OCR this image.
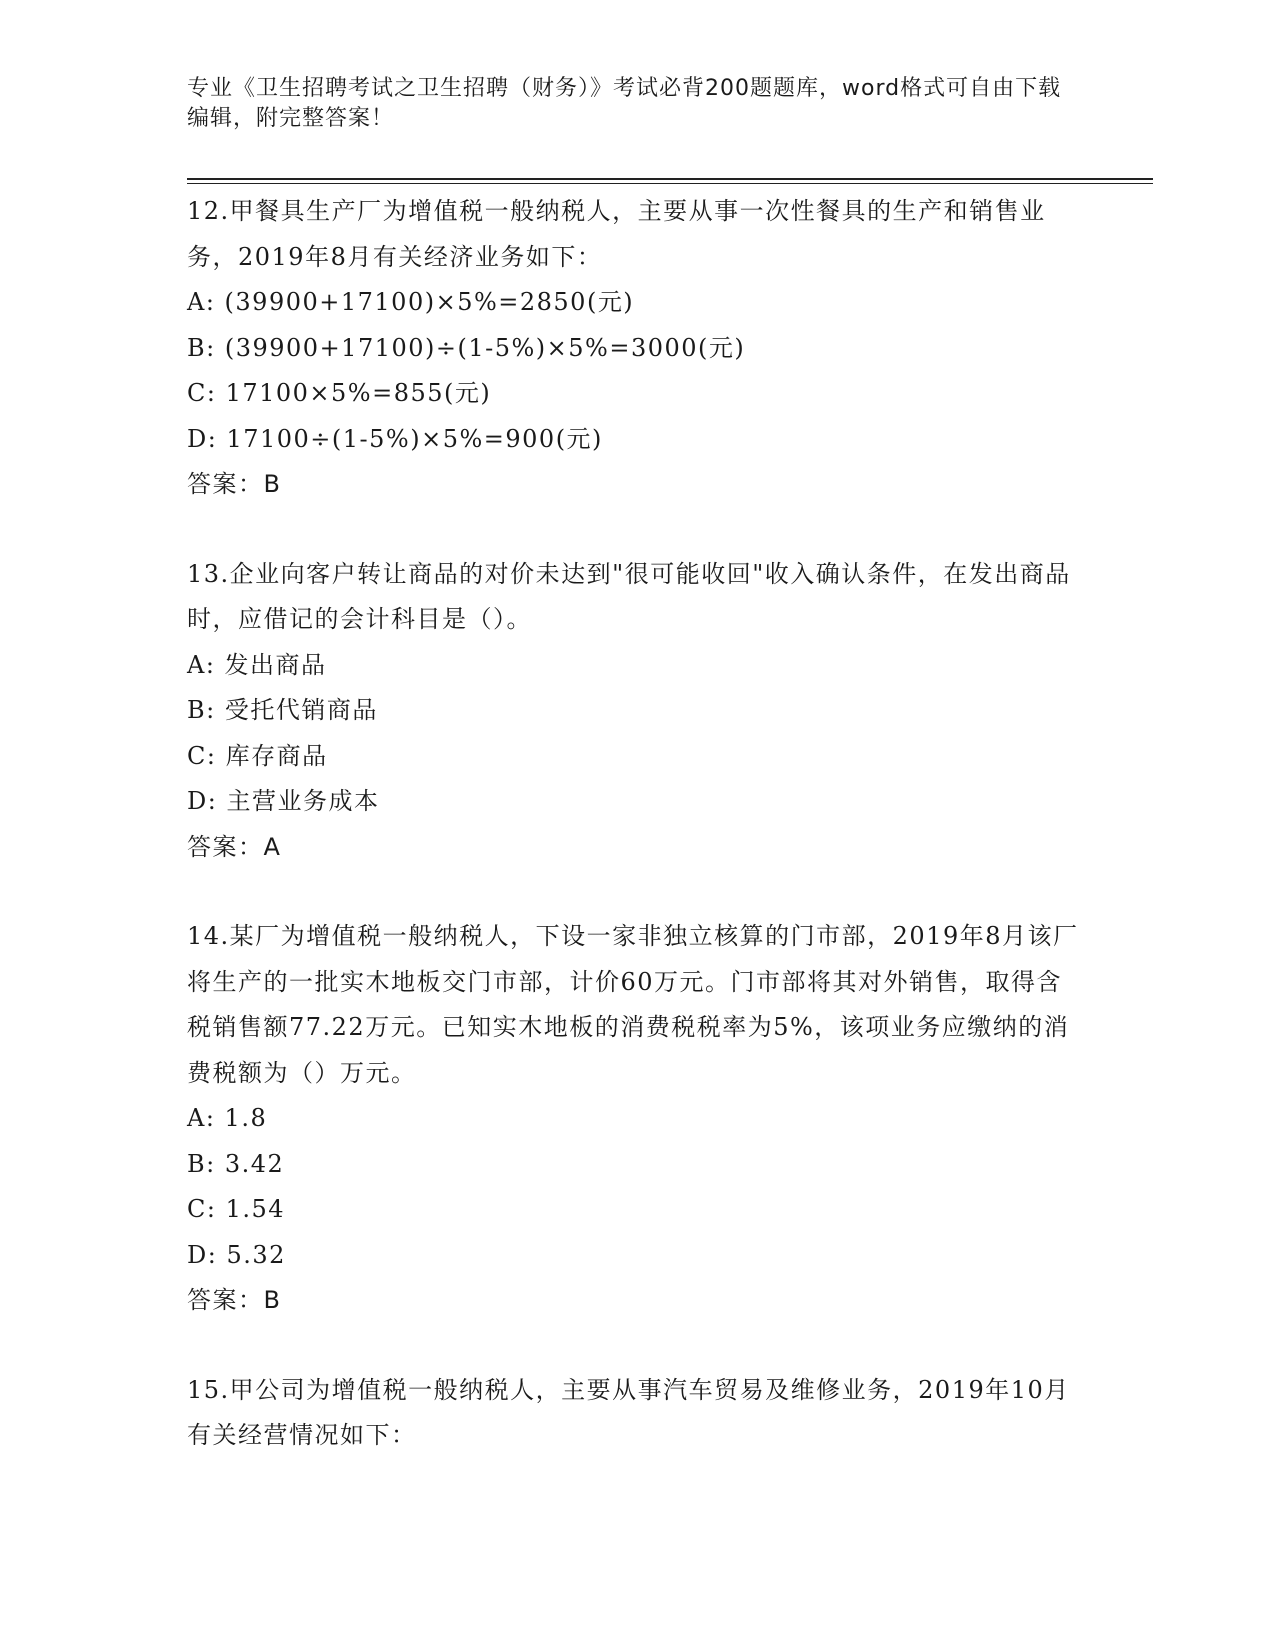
专业《卫生招聘考试之卫生招聘（财务）》考试必背200题题库，word格式可自由下载编辑，附完整答案！
12.甲餐具生产厂为增值税一般纳税人，主要从事一次性餐具的生产和销售业务，2019年8月有关经济业务如下：
A: (39900+17100)×5%=2850(元)
B: (39900+17100)÷(1-5%)×5%=3000(元)
C: 17100×5%=855(元)
D: 17100÷(1-5%)×5%=900(元)
答案：B
13.企业向客户转让商品的对价未达到"很可能收回"收入确认条件，在发出商品时，应借记的会计科目是（）。
A: 发出商品
B: 受托代销商品
C: 库存商品
D: 主营业务成本
答案：A
14.某厂为增值税一般纳税人，下设一家非独立核算的门市部，2019年8月该厂将生产的一批实木地板交门市部，计价60万元。门市部将其对外销售，取得含税销售额77.22万元。已知实木地板的消费税税率为5%，该项业务应缴纳的消费税额为（）万元。
A: 1.8
B: 3.42
C: 1.54
D: 5.32
答案：B
15.甲公司为增值税一般纳税人，主要从事汽车贸易及维修业务，2019年10月有关经营情况如下：
